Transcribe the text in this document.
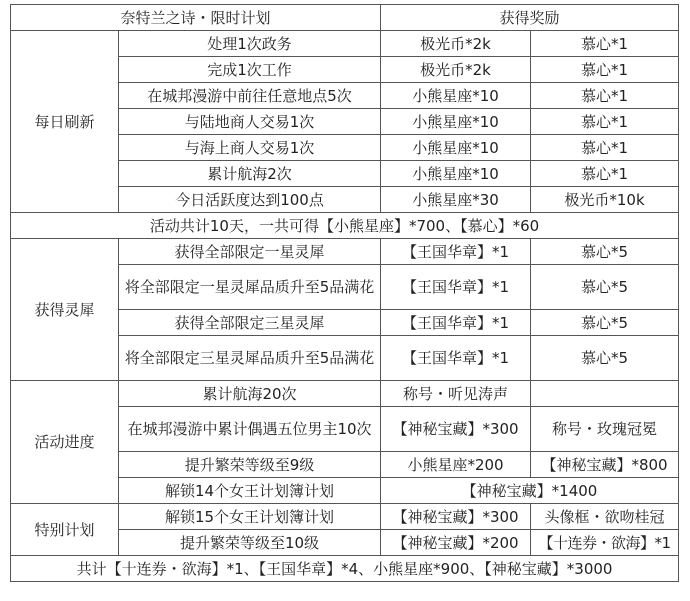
奈特兰之诗・限时计划		获得奖励	
每日刷新	处理1次政务	极光币*2k	慕心*1
	完成1次工作	极光币*2k	慕心*1
	在城邦漫游中前往任意地点5次	小熊星座*10	慕心*1
	与陆地商人交易1次	小熊星座*10	慕心*1
	与海上商人交易1次	小熊星座*10	慕心*1
	累计航海2次	小熊星座*10	慕心*1
	今日活跃度达到100点	小熊星座*30	极光币*10k
活动共计10天，一共可得【小熊星座】*700、【慕心】*60			
获得灵犀	获得全部限定一星灵犀	【王国华章】*1	慕心*5
	将全部限定一星灵犀品质升至5品满花	【王国华章】*1	慕心*5
	获得全部限定三星灵犀	【王国华章】*1	慕心*5
	将全部限定三星灵犀品质升至5品满花	【王国华章】*1	慕心*5
活动进度	累计航海20次	称号・听见涛声	
	在城邦漫游中累计偶遇五位男主10次	【神秘宝藏】*300	称号・玫瑰冠冕
	提升繁荣等级至9级	小熊星座*200	【神秘宝藏】*800
	解锁14个女王计划簿计划	【神秘宝藏】*1400	
特别计划	解锁15个女王计划簿计划	【神秘宝藏】*300	头像框・欲吻桂冠
	提升繁荣等级至10级	【神秘宝藏】*200	【十连券・欲海】*1
共计【十连券・欲海】*1、【王国华章】*4、小熊星座*900、【神秘宝藏】*3000			
